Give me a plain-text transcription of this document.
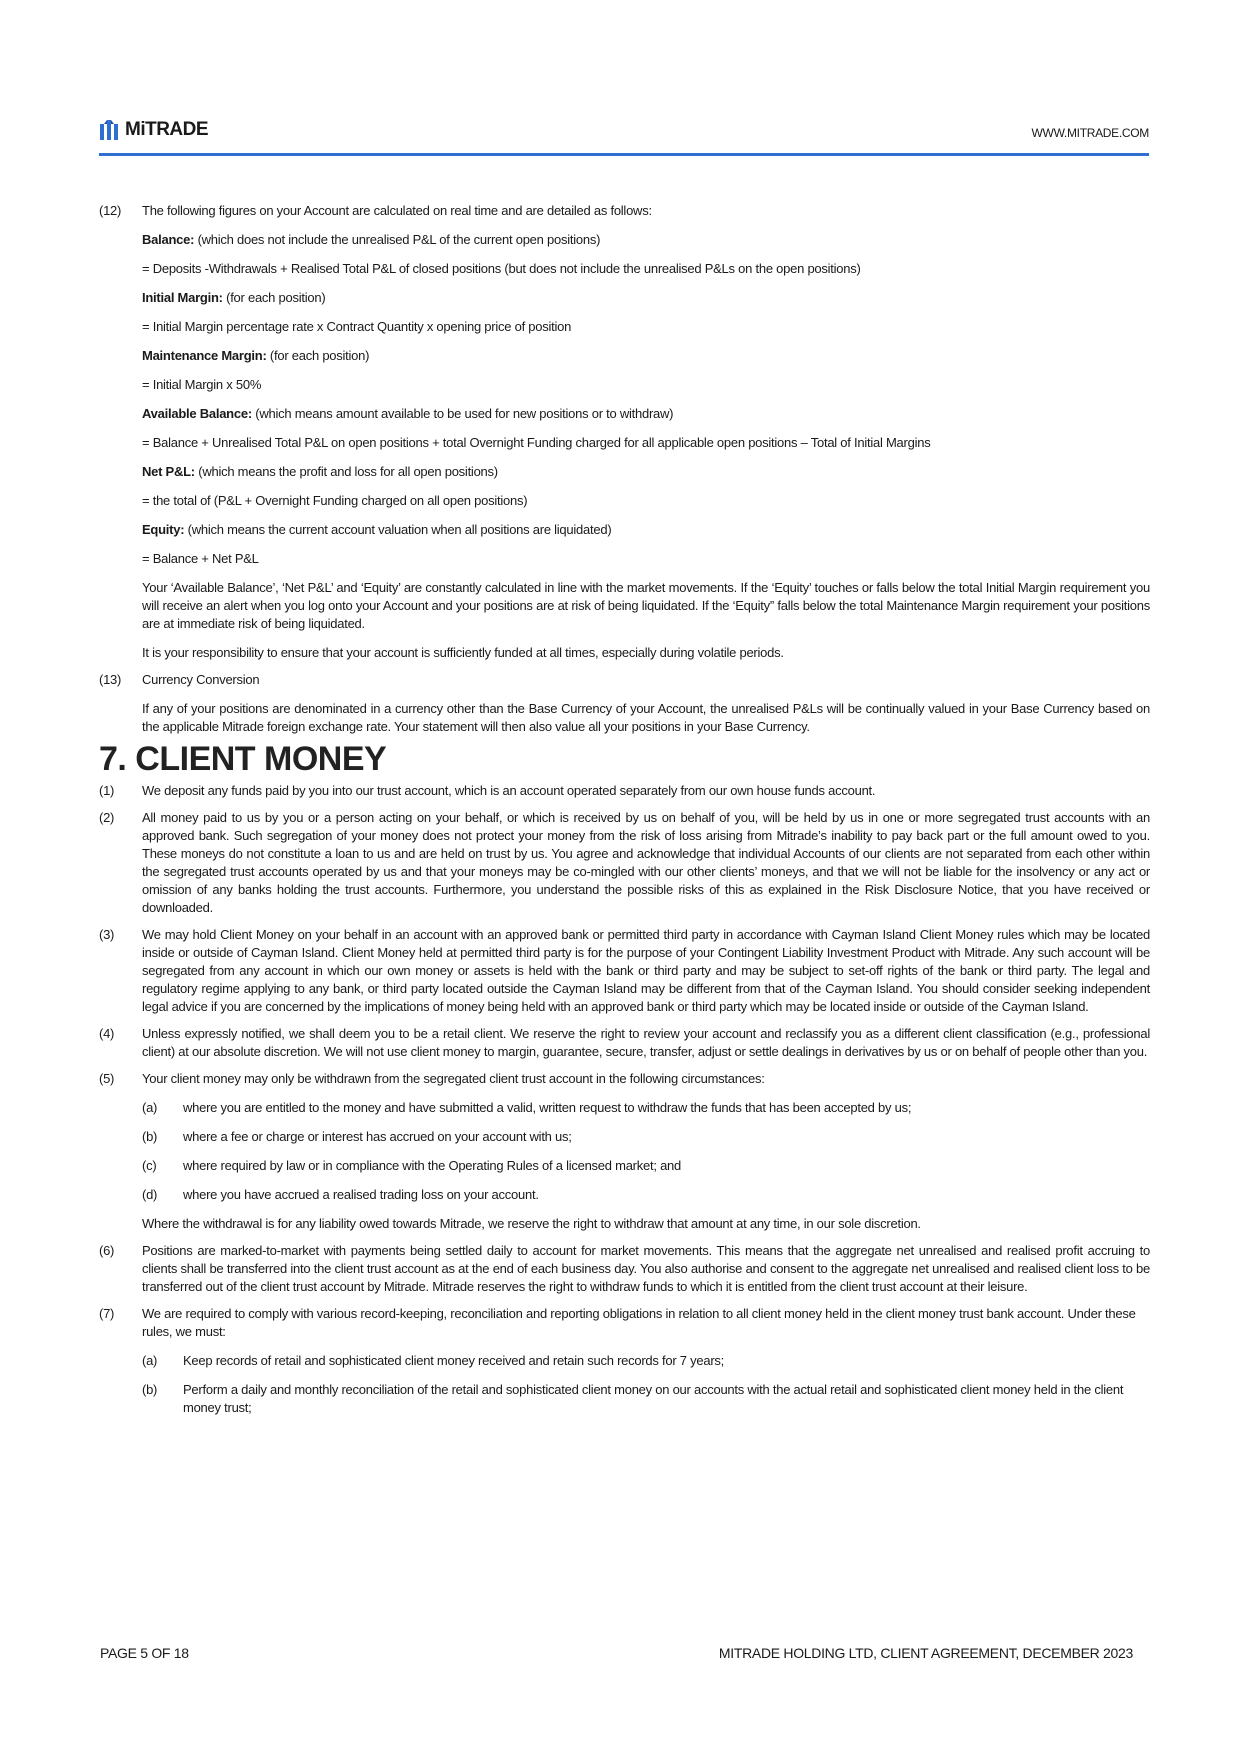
MiTRADE	WWW.MITRADE.COM
(12)	The following figures on your Account are calculated on real time and are detailed as follows:
Balance: (which does not include the unrealised P&L of the current open positions)
= Deposits -Withdrawals + Realised Total P&L of closed positions (but does not include the unrealised P&Ls on the open positions)
Initial Margin: (for each position)
= Initial Margin percentage rate x Contract Quantity x opening price of position
Maintenance Margin: (for each position)
= Initial Margin x 50%
Available Balance: (which means amount available to be used for new positions or to withdraw)
= Balance + Unrealised Total P&L on open positions + total Overnight Funding charged for all applicable open positions – Total of Initial Margins
Net P&L: (which means the profit and loss for all open positions)
= the total of (P&L + Overnight Funding charged on all open positions)
Equity: (which means the current account valuation when all positions are liquidated)
= Balance + Net P&L
Your ‘Available Balance’, ‘Net P&L’ and ‘Equity’ are constantly calculated in line with the market movements. If the ‘Equity’ touches or falls below the total Initial Margin requirement you will receive an alert when you log onto your Account and your positions are at risk of being liquidated. If the ‘Equity” falls below the total Maintenance Margin requirement your positions are at immediate risk of being liquidated.
It is your responsibility to ensure that your account is sufficiently funded at all times, especially during volatile periods.
(13)	Currency Conversion
If any of your positions are denominated in a currency other than the Base Currency of your Account, the unrealised P&Ls will be continually valued in your Base Currency based on the applicable Mitrade foreign exchange rate. Your statement will then also value all your positions in your Base Currency.
7. CLIENT MONEY
(1)	We deposit any funds paid by you into our trust account, which is an account operated separately from our own house funds account.
(2)	All money paid to us by you or a person acting on your behalf, or which is received by us on behalf of you, will be held by us in one or more segregated trust accounts with an approved bank. Such segregation of your money does not protect your money from the risk of loss arising from Mitrade’s inability to pay back part or the full amount owed to you. These moneys do not constitute a loan to us and are held on trust by us. You agree and acknowledge that individual Accounts of our clients are not separated from each other within the segregated trust accounts operated by us and that your moneys may be co-mingled with our other clients’ moneys, and that we will not be liable for the insolvency or any act or omission of any banks holding the trust accounts. Furthermore, you understand the possible risks of this as explained in the Risk Disclosure Notice, that you have received or downloaded.
(3)	We may hold Client Money on your behalf in an account with an approved bank or permitted third party in accordance with Cayman Island Client Money rules which may be located inside or outside of Cayman Island. Client Money held at permitted third party is for the purpose of your Contingent Liability Investment Product with Mitrade. Any such account will be segregated from any account in which our own money or assets is held with the bank or third party and may be subject to set-off rights of the bank or third party. The legal and regulatory regime applying to any bank, or third party located outside the Cayman Island may be different from that of the Cayman Island. You should consider seeking independent legal advice if you are concerned by the implications of money being held with an approved bank or third party which may be located inside or outside of the Cayman Island.
(4)	Unless expressly notified, we shall deem you to be a retail client. We reserve the right to review your account and reclassify you as a different client classification (e.g., professional client) at our absolute discretion. We will not use client money to margin, guarantee, secure, transfer, adjust or settle dealings in derivatives by us or on behalf of people other than you.
(5)	Your client money may only be withdrawn from the segregated client trust account in the following circumstances:
(a)	where you are entitled to the money and have submitted a valid, written request to withdraw the funds that has been accepted by us;
(b)	where a fee or charge or interest has accrued on your account with us;
(c)	where required by law or in compliance with the Operating Rules of a licensed market; and
(d)	where you have accrued a realised trading loss on your account.
Where the withdrawal is for any liability owed towards Mitrade, we reserve the right to withdraw that amount at any time, in our sole discretion.
(6)	Positions are marked-to-market with payments being settled daily to account for market movements. This means that the aggregate net unrealised and realised profit accruing to clients shall be transferred into the client trust account as at the end of each business day. You also authorise and consent to the aggregate net unrealised and realised client loss to be transferred out of the client trust account by Mitrade. Mitrade reserves the right to withdraw funds to which it is entitled from the client trust account at their leisure.
(7)	We are required to comply with various record-keeping, reconciliation and reporting obligations in relation to all client money held in the client money trust bank account. Under these rules, we must:
(a)	Keep records of retail and sophisticated client money received and retain such records for 7 years;
(b)	Perform a daily and monthly reconciliation of the retail and sophisticated client money on our accounts with the actual retail and sophisticated client money held in the client money trust;
PAGE 5 OF 18	MITRADE HOLDING LTD, CLIENT AGREEMENT, DECEMBER 2023
